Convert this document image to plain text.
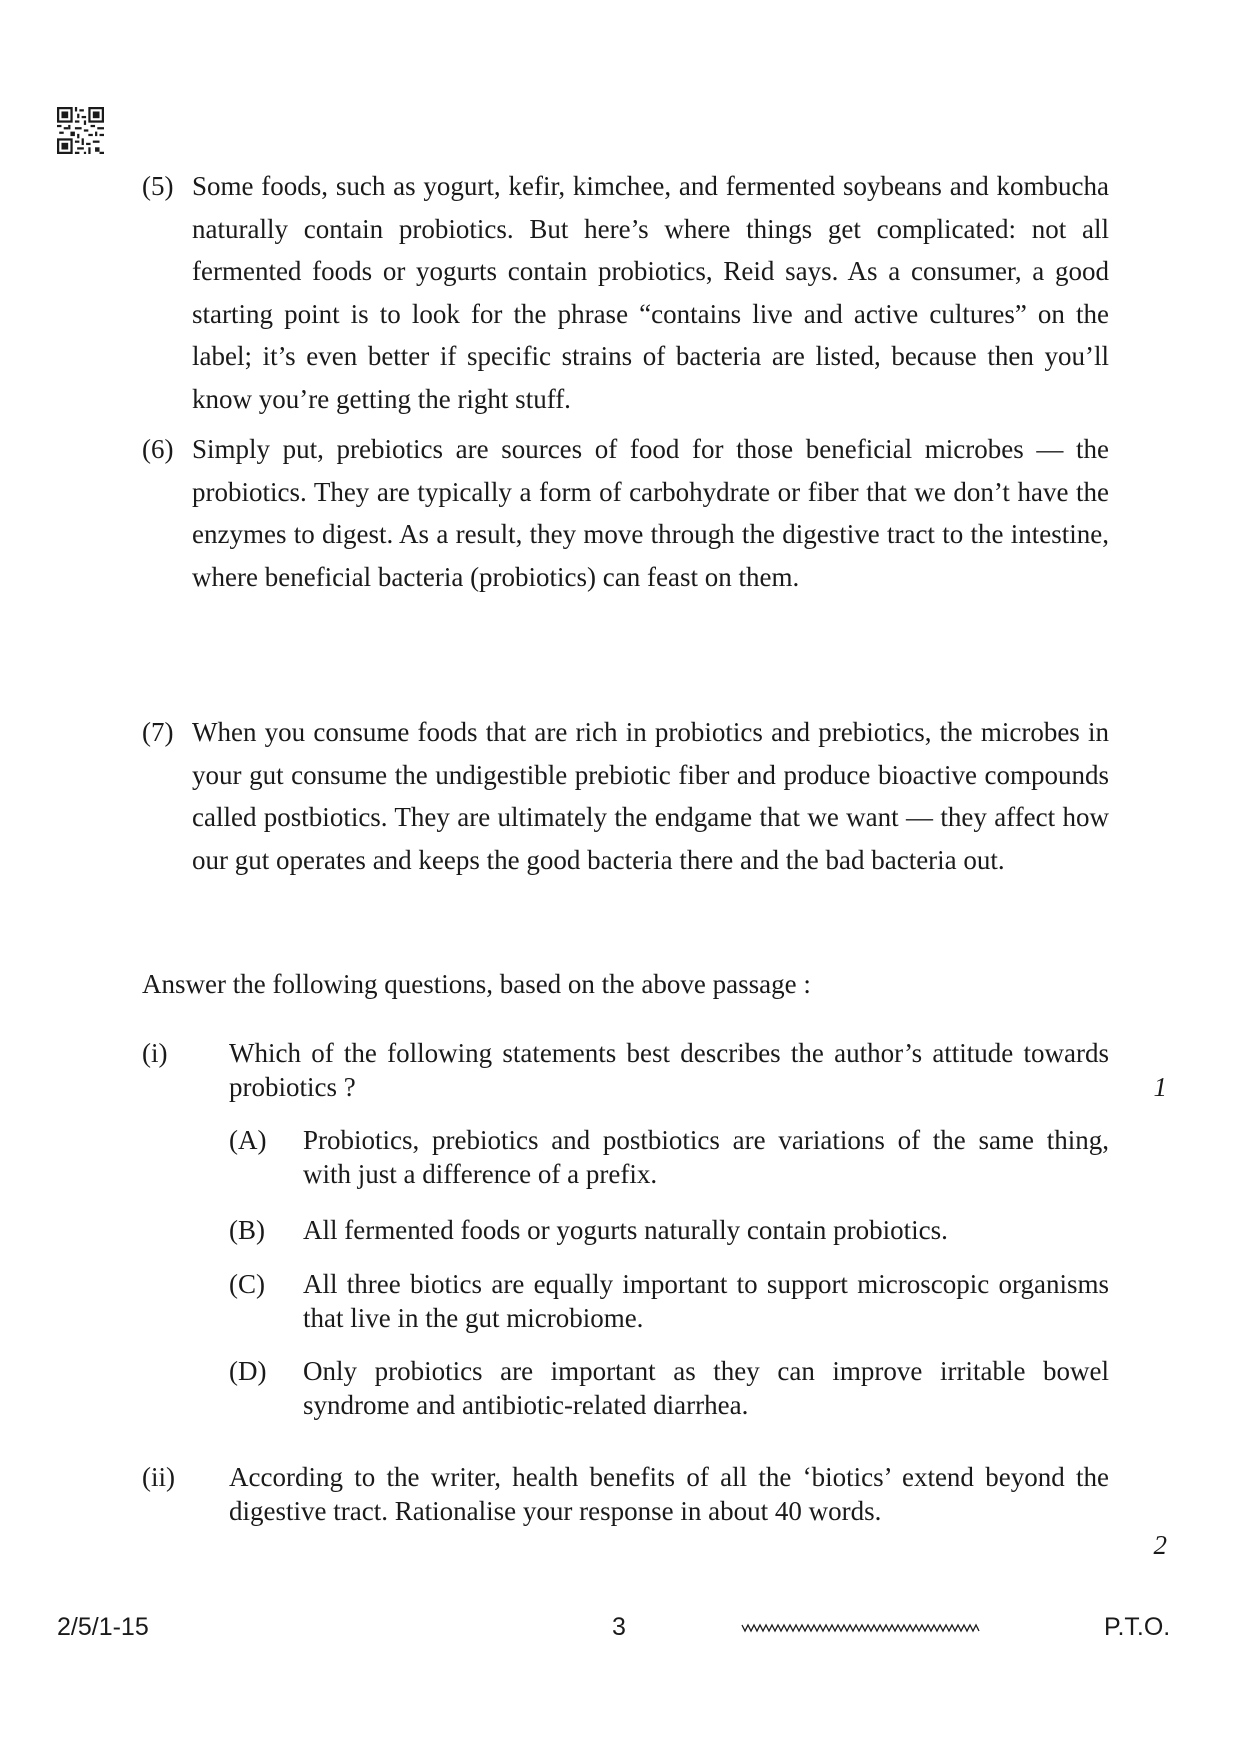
(5) Some foods, such as yogurt, kefir, kimchee, and fermented soybeans and kombucha naturally contain probiotics. But here’s where things get complicated: not all fermented foods or yogurts contain probiotics, Reid says. As a consumer, a good starting point is to look for the phrase “contains live and active cultures” on the label; it’s even better if specific strains of bacteria are listed, because then you’ll know you’re getting the right stuff.
(6) Simply put, prebiotics are sources of food for those beneficial microbes — the probiotics. They are typically a form of carbohydrate or fiber that we don’t have the enzymes to digest. As a result, they move through the digestive tract to the intestine, where beneficial bacteria (probiotics) can feast on them.
(7) When you consume foods that are rich in probiotics and prebiotics, the microbes in your gut consume the undigestible prebiotic fiber and produce bioactive compounds called postbiotics. They are ultimately the endgame that we want — they affect how our gut operates and keeps the good bacteria there and the bad bacteria out.
Answer the following questions, based on the above passage :
(i) Which of the following statements best describes the author’s attitude towards probiotics ?	1
(A) Probiotics, prebiotics and postbiotics are variations of the same thing, with just a difference of a prefix.
(B) All fermented foods or yogurts naturally contain probiotics.
(C) All three biotics are equally important to support microscopic organisms that live in the gut microbiome.
(D) Only probiotics are important as they can improve irritable bowel syndrome and antibiotic-related diarrhea.
(ii) According to the writer, health benefits of all the ‘biotics’ extend beyond the digestive tract. Rationalise your response in about 40 words.
2
2/5/1-15	3	P.T.O.
